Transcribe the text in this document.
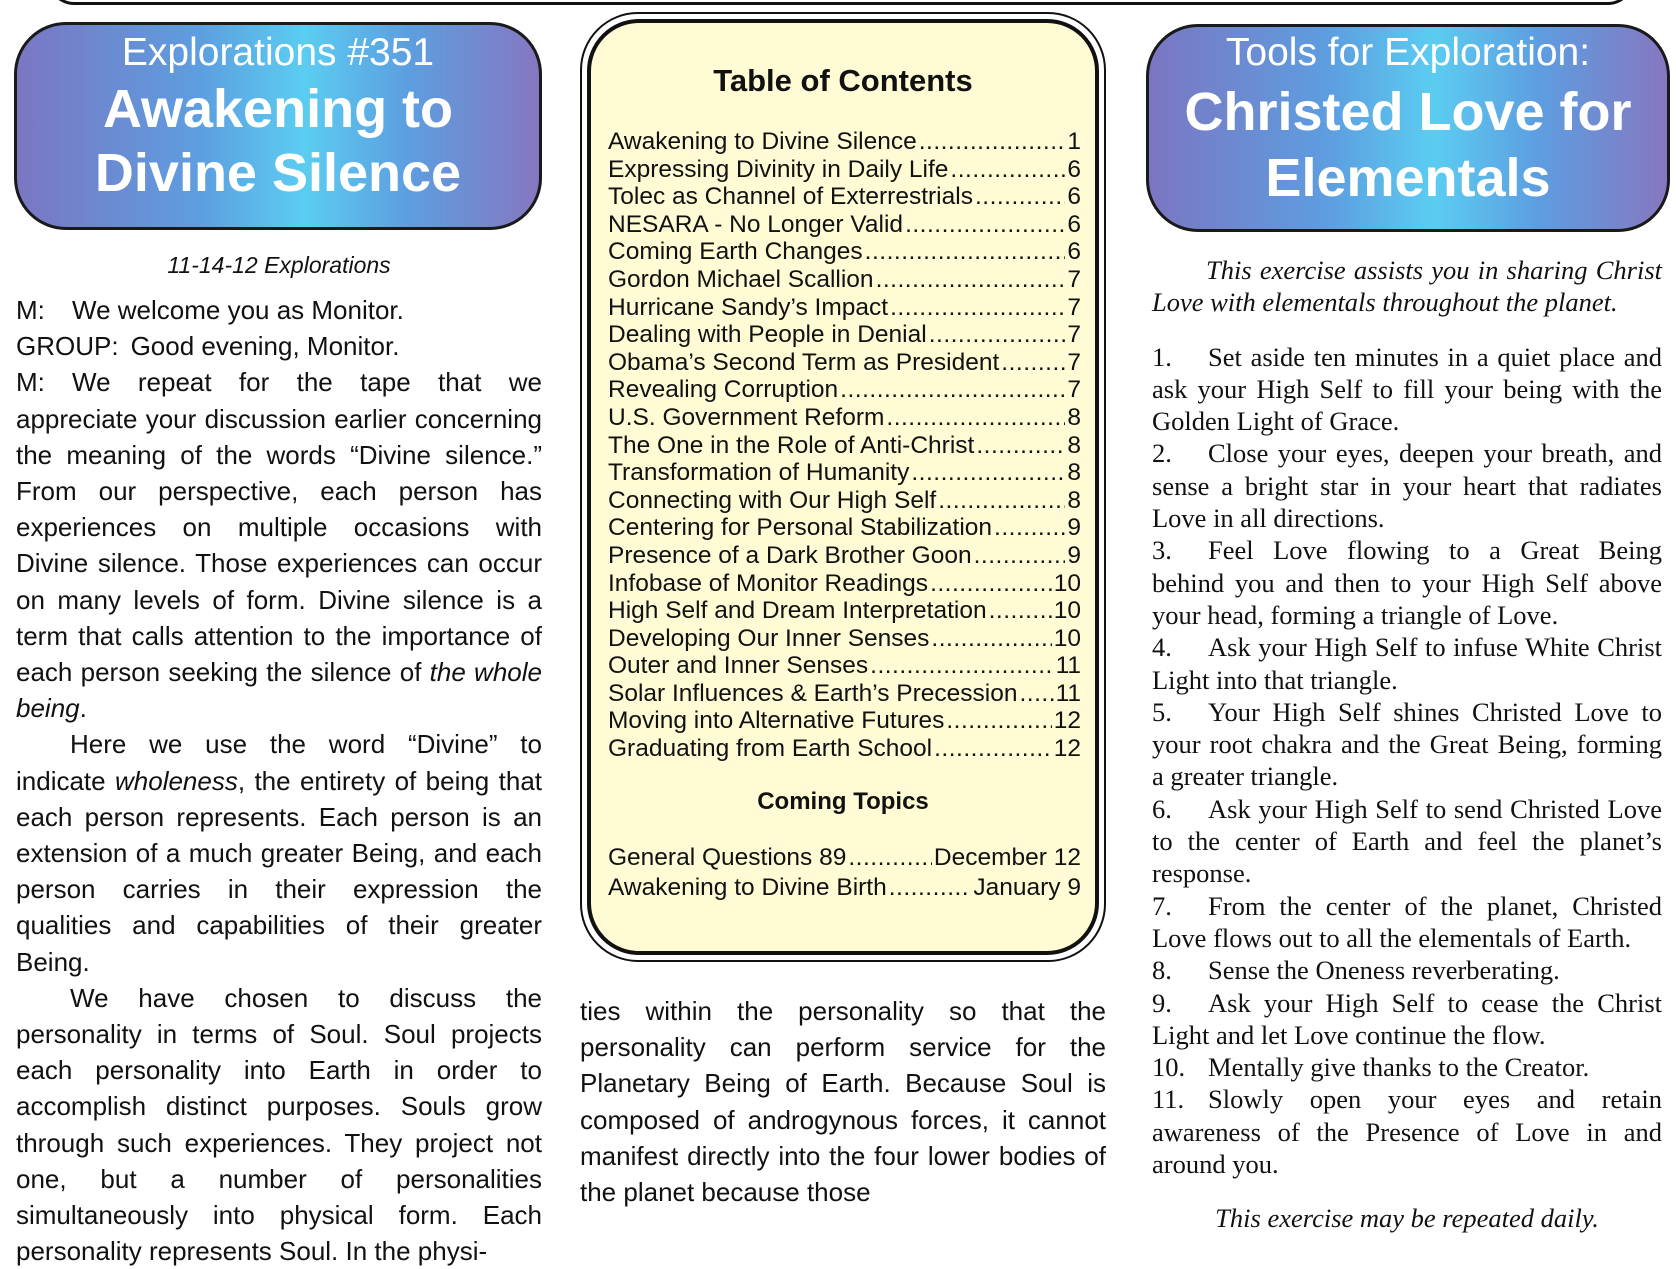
Explorations #351
Awakening to Divine Silence
11-14-12 Explorations

M: We welcome you as Monitor.

GROUP: Good evening, Monitor.

M: We repeat for the tape that we appreciate your discussion earlier concerning the meaning of the words “Divine silence.” From our perspective, each person has experiences on multiple occasions with Divine silence. Those experiences can occur on many levels of form. Divine silence is a term that calls attention to the importance of each person seeking the silence of the whole being.

Here we use the word “Divine” to indicate wholeness, the entirety of being that each person represents. Each person is an extension of a much greater Being, and each person carries in their expression the qualities and capabilities of their greater Being.

We have chosen to discuss the personality in terms of Soul. Soul projects each personality into Earth in order to accomplish distinct purposes. Souls grow through such experiences. They project not one, but a number of personalities simultaneously into physical form. Each personality represents Soul. In the physi-

Table of Contents
Awakening to Divine Silence .....	1
Expressing Divinity in Daily Life .....	6
Tolec as Channel of Exterrestrials .....	6
NESARA - No Longer Valid .....	6
Coming Earth Changes .....	6
Gordon Michael Scallion .....	7
Hurricane Sandy’s Impact .....	7
Dealing with People in Denial .....	7
Obama’s Second Term as President .....	7
Revealing Corruption .....	7
U.S. Government Reform .....	8
The One in the Role of Anti-Christ .....	8
Transformation of Humanity .....	8
Connecting with Our High Self .....	8
Centering for Personal Stabilization .....	9
Presence of a Dark Brother Goon .....	9
Infobase of Monitor Readings .....	10
High Self and Dream Interpretation .....	10
Developing Our Inner Senses .....	10
Outer and Inner Senses .....	11
Solar Influences & Earth’s Precession ..... 11
Moving into Alternative Futures .....	12
Graduating from Earth School .....	12
Coming Topics
General Questions 89 .....	December 12
Awakening to Divine Birth .....	January 9

ties within the personality so that the personality can perform service for the Planetary Being of Earth. Because Soul is composed of androgynous forces, it cannot manifest directly into the four lower bodies of the planet because those

Tools for Exploration:
Christed Love for Elementals

This exercise assists you in sharing Christ Love with elementals throughout the planet.

1. Set aside ten minutes in a quiet place and ask your High Self to fill your being with the Golden Light of Grace.

2. Close your eyes, deepen your breath, and sense a bright star in your heart that radiates Love in all directions.

3. Feel Love flowing to a Great Being behind you and then to your High Self above your head, forming a triangle of Love.

4. Ask your High Self to infuse White Christ Light into that triangle.

5. Your High Self shines Christed Love to your root chakra and the Great Being, forming a greater triangle.

6. Ask your High Self to send Christed Love to the center of Earth and feel the planet’s response.

7. From the center of the planet, Christed Love flows out to all the elementals of Earth.

8. Sense the Oneness reverberating.

9. Ask your High Self to cease the Christ Light and let Love continue the flow.

10. Mentally give thanks to the Creator.

11. Slowly open your eyes and retain awareness of the Presence of Love in and around you.

This exercise may be repeated daily.
